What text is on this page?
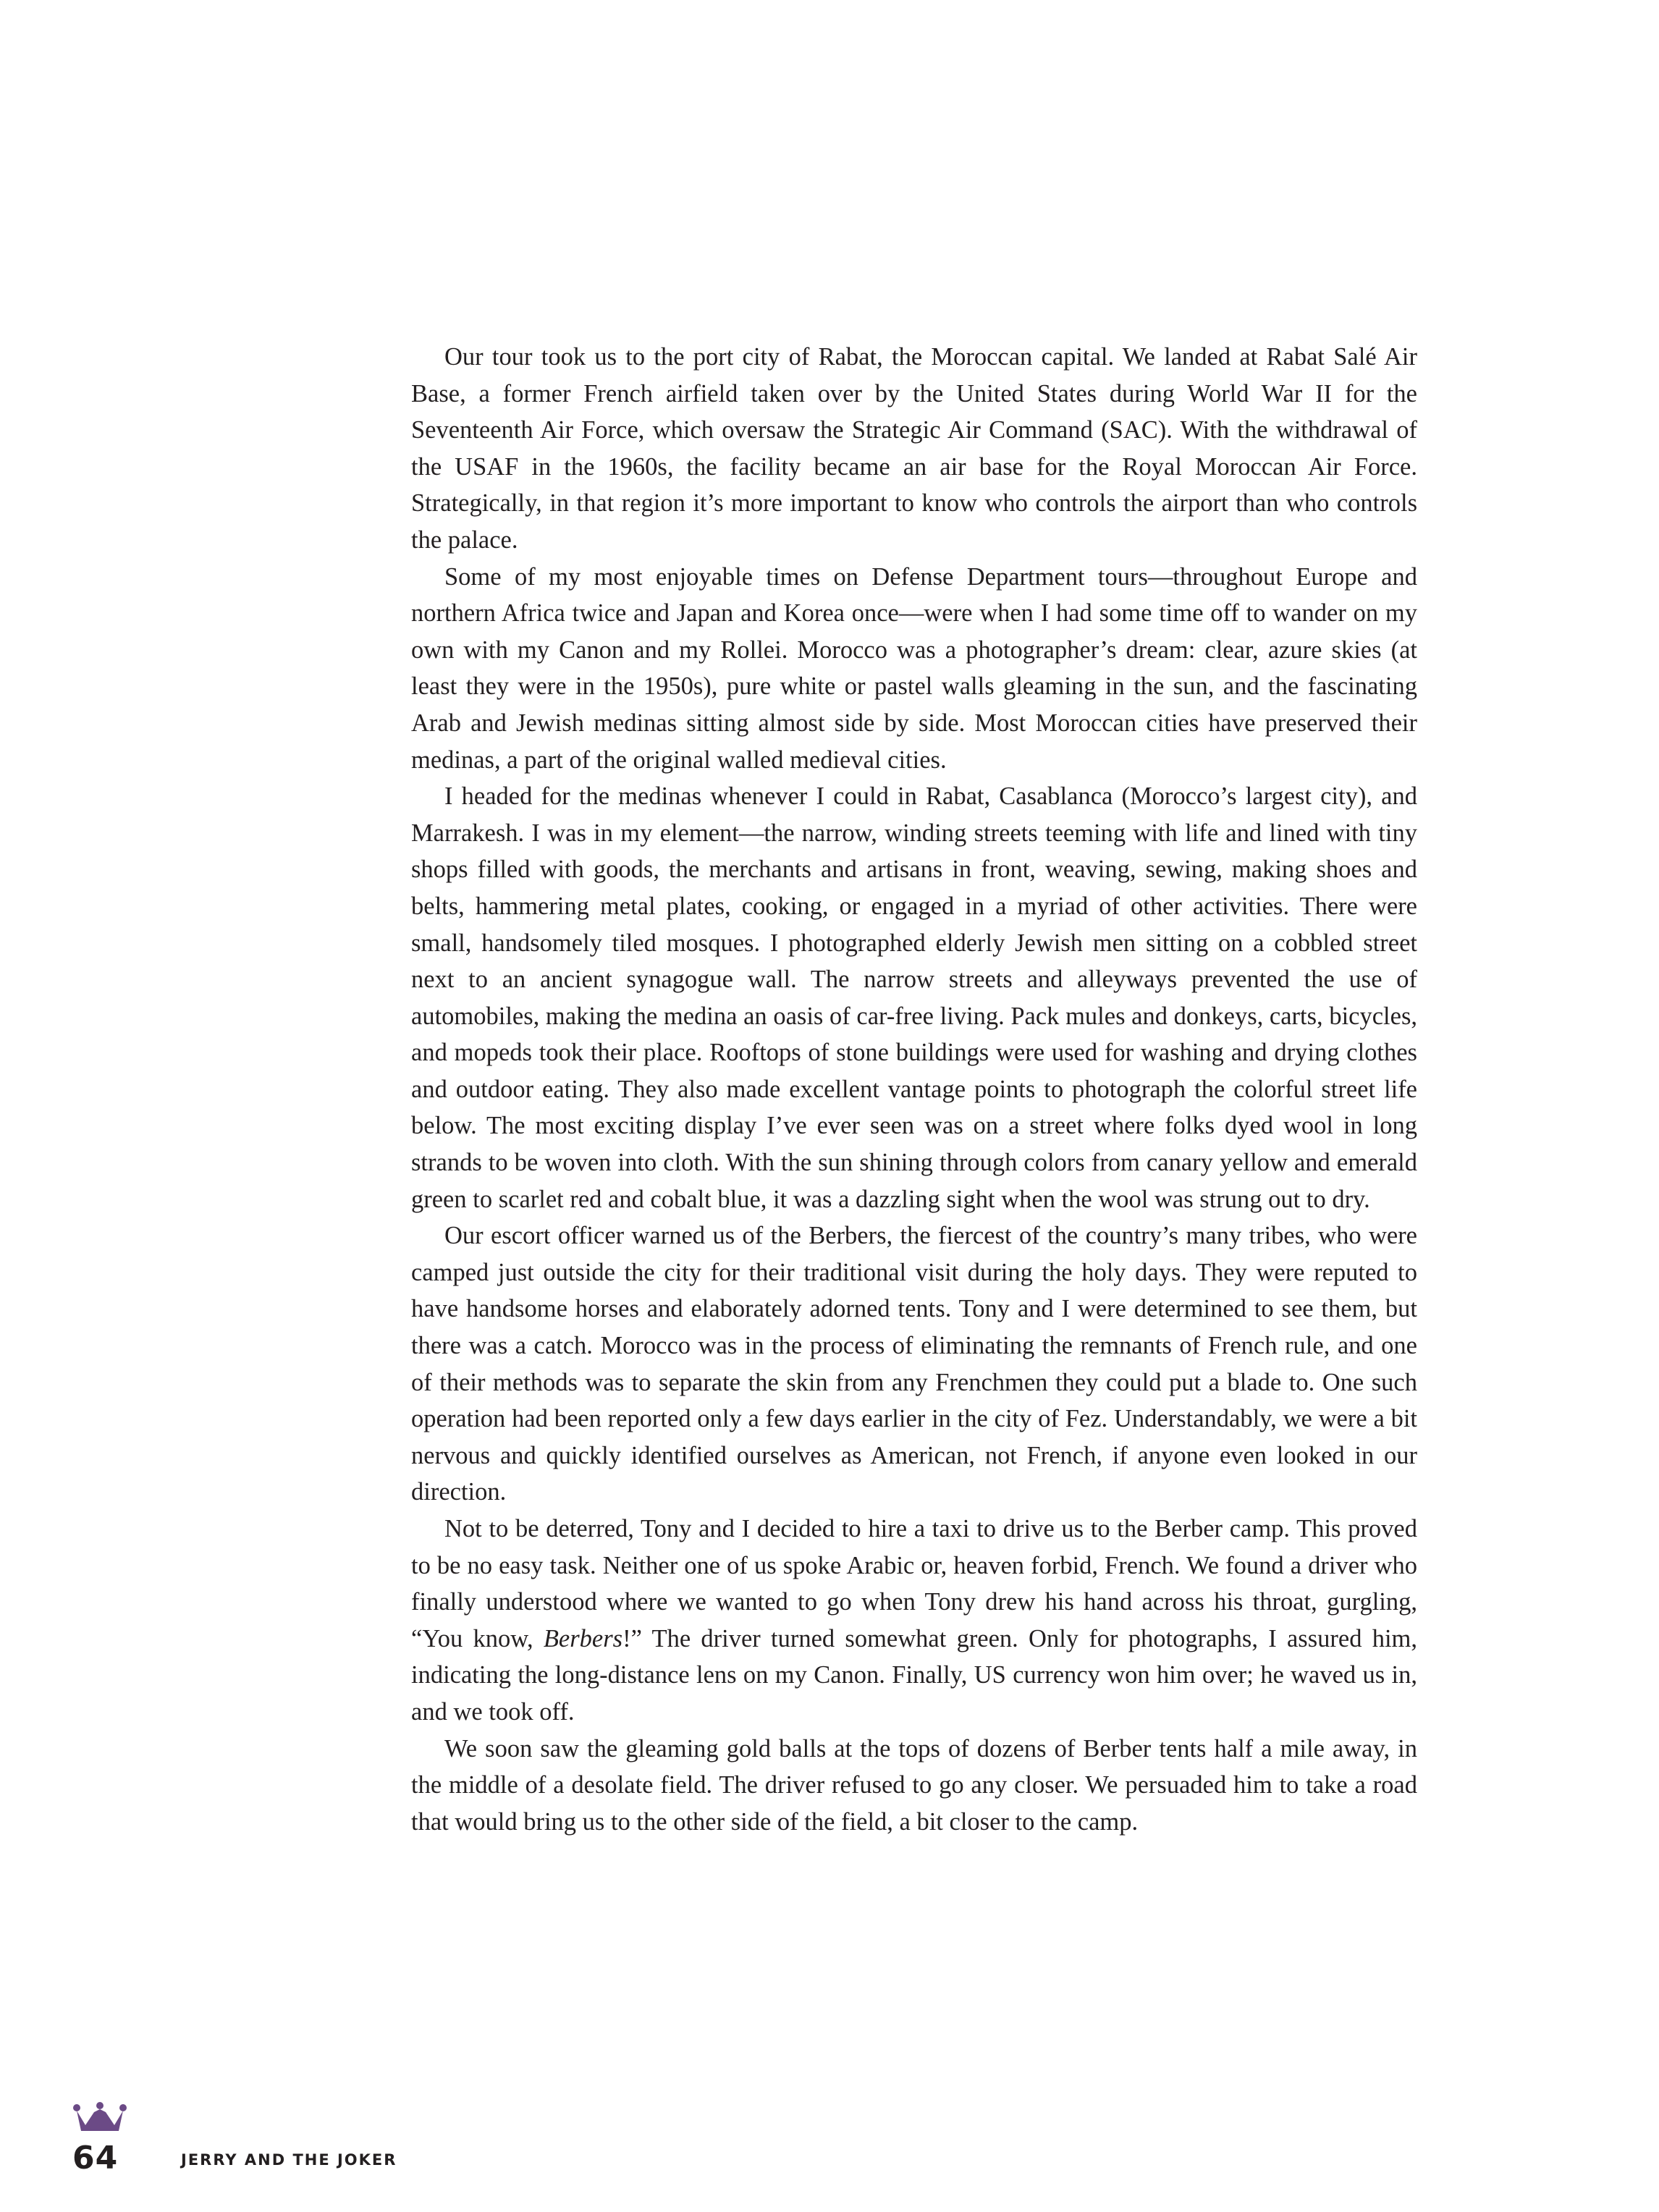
Our tour took us to the port city of Rabat, the Moroccan capital. We landed at Rabat Salé Air Base, a former French airfield taken over by the United States during World War II for the Seventeenth Air Force, which oversaw the Strategic Air Command (SAC). With the withdrawal of the USAF in the 1960s, the facility became an air base for the Royal Moroccan Air Force. Strategically, in that region it’s more important to know who controls the airport than who controls the palace.

Some of my most enjoyable times on Defense Department tours—throughout Europe and northern Africa twice and Japan and Korea once—were when I had some time off to wander on my own with my Canon and my Rollei. Morocco was a photographer’s dream: clear, azure skies (at least they were in the 1950s), pure white or pastel walls gleaming in the sun, and the fascinating Arab and Jewish medinas sitting almost side by side. Most Moroccan cities have preserved their medinas, a part of the original walled medieval cities.

I headed for the medinas whenever I could in Rabat, Casablanca (Morocco’s largest city), and Marrakesh. I was in my element—the narrow, winding streets teeming with life and lined with tiny shops filled with goods, the merchants and artisans in front, weaving, sewing, making shoes and belts, hammering metal plates, cooking, or engaged in a myriad of other activities. There were small, handsomely tiled mosques. I photographed elderly Jewish men sitting on a cobbled street next to an ancient synagogue wall. The narrow streets and alleyways prevented the use of automobiles, making the medina an oasis of car-free living. Pack mules and donkeys, carts, bicycles, and mopeds took their place. Rooftops of stone buildings were used for washing and drying clothes and outdoor eating. They also made excellent vantage points to photograph the colorful street life below. The most exciting display I’ve ever seen was on a street where folks dyed wool in long strands to be woven into cloth. With the sun shining through colors from canary yellow and emerald green to scarlet red and cobalt blue, it was a dazzling sight when the wool was strung out to dry.

Our escort officer warned us of the Berbers, the fiercest of the country’s many tribes, who were camped just outside the city for their traditional visit during the holy days. They were reputed to have handsome horses and elaborately adorned tents. Tony and I were determined to see them, but there was a catch. Morocco was in the process of eliminating the remnants of French rule, and one of their methods was to separate the skin from any Frenchmen they could put a blade to. One such operation had been reported only a few days earlier in the city of Fez. Understandably, we were a bit nervous and quickly identified ourselves as American, not French, if anyone even looked in our direction.

Not to be deterred, Tony and I decided to hire a taxi to drive us to the Berber camp. This proved to be no easy task. Neither one of us spoke Arabic or, heaven forbid, French. We found a driver who finally understood where we wanted to go when Tony drew his hand across his throat, gurgling, “You know, Berbers!” The driver turned somewhat green. Only for photographs, I assured him, indicating the long-distance lens on my Canon. Finally, US currency won him over; he waved us in, and we took off.

We soon saw the gleaming gold balls at the tops of dozens of Berber tents half a mile away, in the middle of a desolate field. The driver refused to go any closer. We persuaded him to take a road that would bring us to the other side of the field, a bit closer to the camp.

64	JERRY AND THE JOKER
